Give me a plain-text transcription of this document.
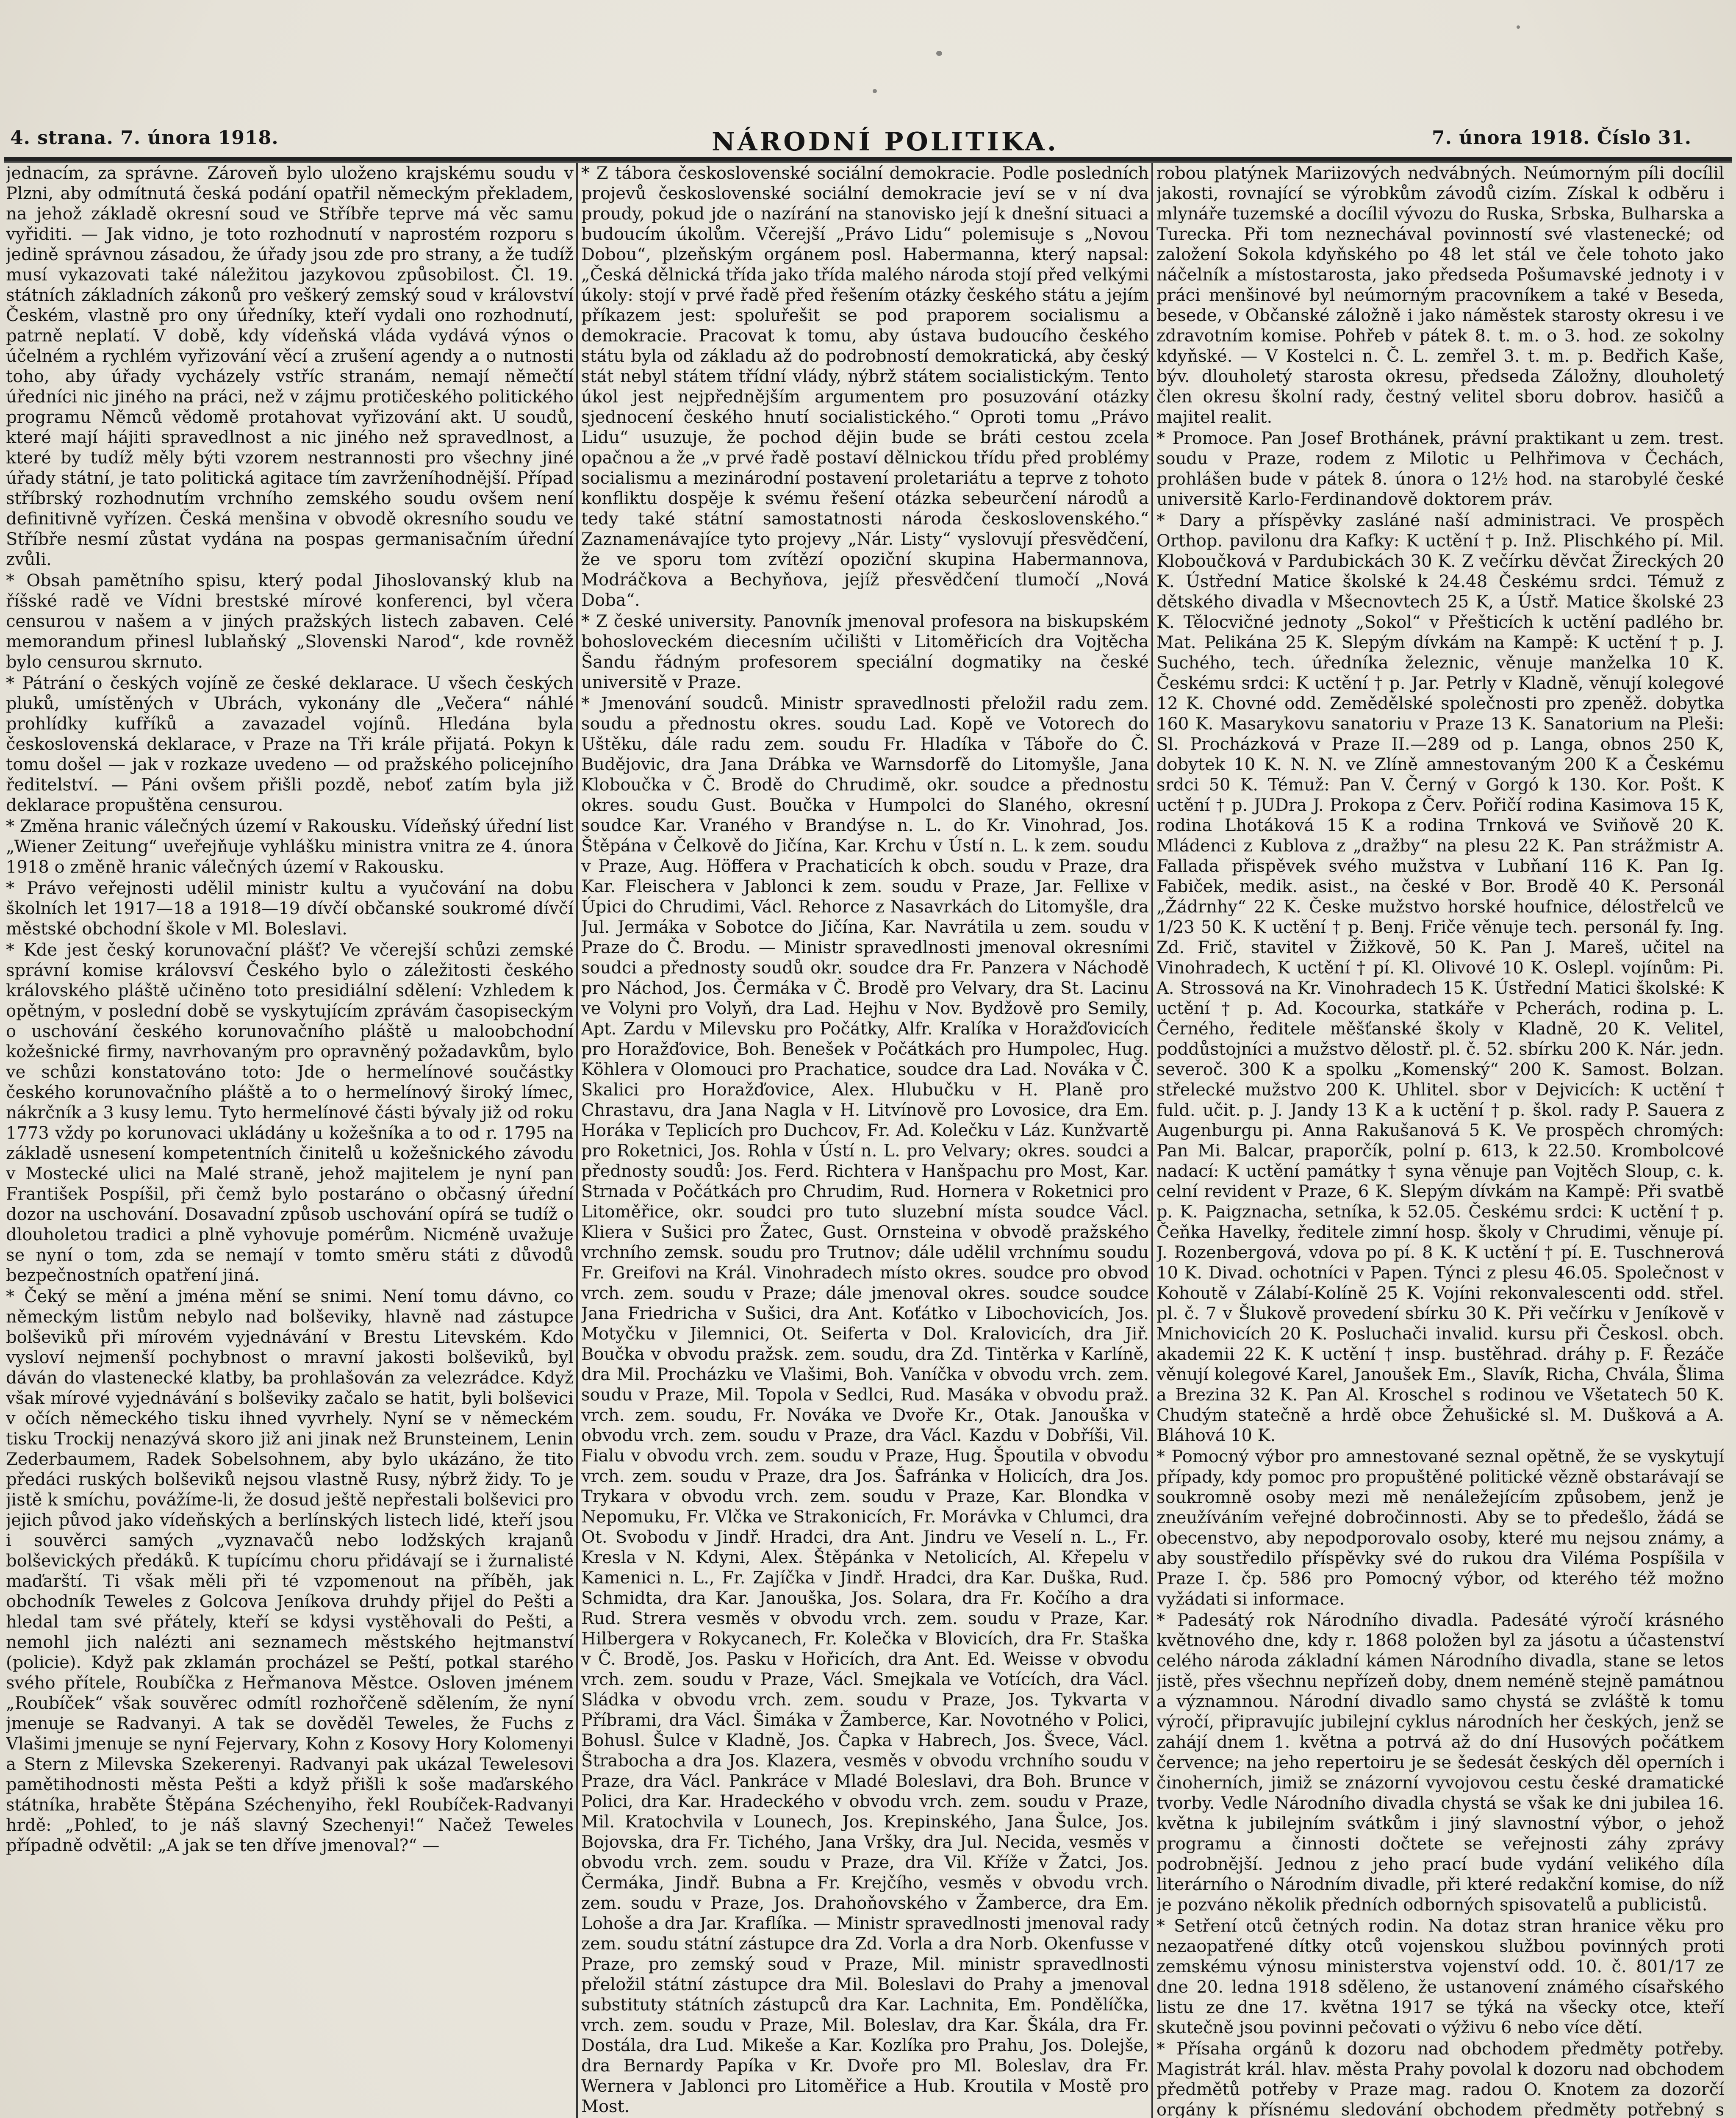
4. strana. 7. února 1918.	NÁRODNÍ POLITIKA.	7. února 1918. Číslo 31.

jednacím, za správne. Zároveň bylo uloženo krajskému soudu v Plzni, aby odmítnutá česká podání opatřil německým překladem, na jehož základě okresní soud ve Stříbře teprve má věc samu vyřiditi. — Jak vidno, je toto rozhodnutí v naprostém rozporu s jedině správnou zásadou, že úřady jsou zde pro strany, a že tudíž musí vykazovati také náležitou jazykovou způsobilost. Čl. 19. státních základních zákonů pro veškerý zemský soud v království Českém, vlastně pro ony úředníky, kteří vydali ono rozhodnutí, patrně neplatí. V době, kdy vídeňská vláda vydává výnos o účelném a rychlém vyřizování věcí a zrušení agendy a o nutnosti toho, aby úřady vycházely vstříc stranám, nemají němečtí úředníci nic jiného na práci, než v zájmu protičeského politického programu Němců vědomě protahovat vyřizování akt. U soudů, které mají hájiti spravedlnost a nic jiného než spravedlnost, a které by tudíž měly býti vzorem nestrannosti pro všechny jiné úřady státní, je tato politická agitace tím zavrženíhodnější. Případ stříbrský rozhodnutím vrchního zemského soudu ovšem není definitivně vyřízen. Česká menšina v obvodě okresního soudu ve Stříbře nesmí zůstat vydána na pospas germanisačním úřední zvůli.

* Obsah pamětního spisu, který podal Jihoslovanský klub na říšské radě ve Vídni brestské mírové konferenci, byl včera censurou v našem a v jiných pražských listech zabaven. Celé memorandum přinesl lublaňský „Slovenski Narod“, kde rovněž bylo censurou skrnuto.

* Pátrání o českých vojíně ze české deklarace. U všech českých pluků, umístěných v Ubrách, vykonány dle „Večera“ náhlé prohlídky kufříků a zavazadel vojínů. Hledána byla československá deklarace, v Praze na Tři krále přijatá. Pokyn k tomu došel — jak v rozkaze uvedeno — od pražského policejního ředitelství. — Páni ovšem přišli pozdě, neboť zatím byla již deklarace propuštěna censurou.

* Změna hranic válečných území v Rakousku. Vídeňský úřední list „Wiener Zeitung“ uveřejňuje vyhlášku ministra vnitra ze 4. února 1918 o změně hranic válečných území v Rakousku.

* Právo veřejnosti udělil ministr kultu a vyučování na dobu školních let 1917—18 a 1918—19 dívčí občanské soukromé dívčí městské obchodní škole v Ml. Boleslavi.

* Kde jest český korunovační plášť? Ve včerejší schůzi zemské správní komise královsví Českého bylo o záležitosti českého královského pláště učiněno toto presidiální sdělení: Vzhledem k opětným, v poslední době se vyskytujícím zprávám časopiseckým o uschování českého korunovačního pláště u maloobchodní kožešnické firmy, navrhovaným pro opravněný požadavkům, bylo ve schůzi konstatováno toto: Jde o hermelínové součástky českého korunovačního pláště a to o hermelínový široký límec, nákrčník a 3 kusy lemu. Tyto hermelínové části bývaly již od roku 1773 vždy po korunovaci ukládány u kožešníka a to od r. 1795 na základě usnesení kompetentních činitelů u kožešnického závodu v Mostecké ulici na Malé straně, jehož majitelem je nyní pan František Pospíšil, při čemž bylo postaráno o občasný úřední dozor na uschování. Dosavadní způsob uschování opírá se tudíž o dlouholetou tradici a plně vyhovuje pomérům. Nicméně uvažuje se nyní o tom, zda se nemají v tomto směru státi z důvodů bezpečnostních opatření jiná.

* Čeký se mění a jména mění se snimi. Není tomu dávno, co německým listům nebylo nad bolševiky, hlavně nad zástupce bolševiků při mírovém vyjednávání v Brestu Litevském. Kdo vysloví nejmenší pochybnost o mravní jakosti bolševiků, byl dáván do vlastenecké klatby, ba prohlašován za velezrádce. Když však mírové vyjednávání s bolševiky začalo se hatit, byli bolševici v očích německého tisku ihned vyvrhely. Nyní se v německém tisku Trockij nenazývá skoro již ani jinak než Brunsteinem, Lenin Zederbaumem, Radek Sobelsohnem, aby bylo ukázáno, že tito předáci ruských bolševiků nejsou vlastně Rusy, nýbrž židy. To je jistě k smíchu, povážíme-li, že dosud ještě nepřestali bolševici pro jejich původ jako vídeňských a berlínských listech lidé, kteří jsou i souvěrci samých „vyznavačů nebo lodžských krajanů bolševických předáků. K tupícímu choru přidávají se i žurnalisté maďarští. Ti však měli při té vzpomenout na příběh, jak obchodník Teweles z Golcova Jeníkova druhdy přijel do Pešti a hledal tam své přátely, kteří se kdysi vystěhovali do Pešti, a nemohl jich nalézti ani seznamech městského hejtmanství (policie). Když pak zklamán procházel se Peští, potkal starého svého přítele, Roubíčka z Heřmanova Městce. Osloven jménem „Roubíček“ však souvěrec odmítl rozhořčeně sdělením, že nyní jmenuje se Radvanyi. A tak se dověděl Teweles, že Fuchs z Vlašimi jmenuje se nyní Fejervary, Kohn z Kosovy Hory Kolomenyi a Stern z Milevska Szekerenyi. Radvanyi pak ukázal Tewelesovi pamětihodnosti města Pešti a když přišli k soše maďarského státníka, hraběte Štěpána Széchenyiho, řekl Roubíček-Radvanyi hrdě: „Pohleď, to je náš slavný Szechenyi!“ Načež Teweles případně odvětil: „A jak se ten dříve jmenoval?“ —

* Z tábora československé sociální demokracie. Podle posledních projevů československé sociální demokracie jeví se v ní dva proudy, pokud jde o nazírání na stanovisko její k dnešní situaci a budoucím úkolům. Včerejší „Právo Lidu“ polemisuje s „Novou Dobou“, plzeňským orgánem posl. Habermanna, který napsal: „Česká dělnická třída jako třída malého národa stojí před velkými úkoly: stojí v prvé řadě před řešením otázky českého státu a jejím příkazem jest: spoluřešit se pod praporem socialismu a demokracie. Pracovat k tomu, aby ústava budoucího českého státu byla od základu až do podrobností demokratická, aby český stát nebyl státem třídní vlády, nýbrž státem socialistickým. Tento úkol jest nejpřednějším argumentem pro posuzování otázky sjednocení českého hnutí socialistického.“ Oproti tomu „Právo Lidu“ usuzuje, že pochod dějin bude se bráti cestou zcela opačnou a že „v prvé řadě postaví dělnickou třídu před problémy socialismu a mezinárodní postavení proletariátu a teprve z tohoto konfliktu dospěje k svému řešení otázka sebeurčení národů a tedy také státní samostatnosti národa československého.“ Zaznamenávajíce tyto projevy „Nár. Listy“ vyslovují přesvědčení, že ve sporu tom zvítězí opoziční skupina Habermannova, Modráčkova a Bechyňova, jejíž přesvědčení tlumočí „Nová Doba“.

* Z české university. Panovník jmenoval profesora na biskupském bohosloveckém diecesním učilišti v Litoměřicích dra Vojtěcha Šandu řádným profesorem speciální dogmatiky na české universitě v Praze.

* Jmenování soudců. Ministr spravedlnosti přeložil radu zem. soudu a přednostu okres. soudu Lad. Kopě ve Votorech do Uštěku, dále radu zem. soudu Fr. Hladíka v Táboře do Č. Budějovic, dra Jana Drábka ve Warnsdorfě do Litomyšle, Jana Kloboučka v Č. Brodě do Chrudimě, okr. soudce a přednostu okres. soudu Gust. Boučka v Humpolci do Slaného, okresní soudce Kar. Vraného v Brandýse n. L. do Kr. Vinohrad, Jos. Štěpána v Čelkově do Jičína, Kar. Krchu v Ústí n. L. k zem. soudu v Praze, Aug. Höffera v Prachaticích k obch. soudu v Praze, dra Kar. Fleischera v Jablonci k zem. soudu v Praze, Jar. Fellixe v Úpici do Chrudimi, Václ. Rehorce z Nasavrkách do Litomyšle, dra Jul. Jermáka v Sobotce do Jičína, Kar. Navrátila u zem. soudu v Praze do Č. Brodu. — Ministr spravedlnosti jmenoval okresními soudci a přednosty soudů okr. soudce dra Fr. Panzera v Náchodě pro Náchod, Jos. Čermáka v Č. Brodě pro Velvary, dra St. Lacinu ve Volyni pro Volyň, dra Lad. Hejhu v Nov. Bydžově pro Semily, Apt. Zardu v Milevsku pro Počátky, Alfr. Kralíka v Horažďovicích pro Horažďovice, Boh. Benešek v Počátkách pro Humpolec, Hug. Köhlera v Olomouci pro Prachatice, soudce dra Lad. Nováka v Č. Skalici pro Horažďovice, Alex. Hlubučku v H. Planě pro Chrastavu, dra Jana Nagla v H. Litvínově pro Lovosice, dra Em. Horáka v Teplicích pro Duchcov, Fr. Ad. Kolečku v Láz. Kunžvartě pro Roketnici, Jos. Rohla v Ústí n. L. pro Velvary; okres. soudci a přednosty soudů: Jos. Ferd. Richtera v Hanšpachu pro Most, Kar. Strnada v Počátkách pro Chrudim, Rud. Hornera v Roketnici pro Litoměřice, okr. soudci pro tuto sluzební místa soudce Václ. Kliera v Sušici pro Žatec, Gust. Ornsteina v obvodě pražského vrchního zemsk. soudu pro Trutnov; dále udělil vrchnímu soudu Fr. Greifovi na Král. Vinohradech místo okres. soudce pro obvod vrch. zem. soudu v Praze; dále jmenoval okres. soudce soudce Jana Friedricha v Sušici, dra Ant. Koťátko v Libochovicích, Jos. Motyčku v Jilemnici, Ot. Seiferta v Dol. Kralovicích, dra Jiř. Boučka v obvodu pražsk. zem. soudu, dra Zd. Tintěrka v Karlíně, dra Mil. Procházku ve Vlašimi, Boh. Vaníčka v obvodu vrch. zem. soudu v Praze, Mil. Topola v Sedlci, Rud. Masáka v obvodu praž. vrch. zem. soudu, Fr. Nováka ve Dvoře Kr., Otak. Janouška v obvodu vrch. zem. soudu v Praze, dra Václ. Kazdu v Dobříši, Vil. Fialu v obvodu vrch. zem. soudu v Praze, Hug. Špoutila v obvodu vrch. zem. soudu v Praze, dra Jos. Šafránka v Holicích, dra Jos. Trykara v obvodu vrch. zem. soudu v Praze, Kar. Blondka v Nepomuku, Fr. Vlčka ve Strakonicích, Fr. Morávka v Chlumci, dra Ot. Svobodu v Jindř. Hradci, dra Ant. Jindru ve Veselí n. L., Fr. Kresla v N. Kdyni, Alex. Štěpánka v Netolicích, Al. Křepelu v Kamenici n. L., Fr. Zajíčka v Jindř. Hradci, dra Kar. Duška, Rud. Schmidta, dra Kar. Janouška, Jos. Solara, dra Fr. Kočího a dra Rud. Strera vesměs v obvodu vrch. zem. soudu v Praze, Kar. Hilbergera v Rokycanech, Fr. Kolečka v Blovicích, dra Fr. Staška v Č. Brodě, Jos. Pasku v Hořicích, dra Ant. Ed. Weisse v obvodu vrch. zem. soudu v Praze, Václ. Smejkala ve Votících, dra Václ. Sládka v obvodu vrch. zem. soudu v Praze, Jos. Tykvarta v Příbrami, dra Václ. Šimáka v Žamberce, Kar. Novotného v Polici, Bohusl. Šulce v Kladně, Jos. Čapka v Habrech, Jos. Švece, Václ. Štrabocha a dra Jos. Klazera, vesměs v obvodu vrchního soudu v Praze, dra Václ. Pankráce v Mladé Boleslavi, dra Boh. Brunce v Polici, dra Kar. Hradeckého v obvodu vrch. zem. soudu v Praze, Mil. Kratochvila v Lounech, Jos. Krepinského, Jana Šulce, Jos. Bojovska, dra Fr. Tichého, Jana Vršky, dra Jul. Necida, vesměs v obvodu vrch. zem. soudu v Praze, dra Vil. Kříže v Žatci, Jos. Čermáka, Jindř. Bubna a Fr. Krejčího, vesměs v obvodu vrch. zem. soudu v Praze, Jos. Drahoňovského v Žamberce, dra Em. Lohoše a dra Jar. Kraflíka. — Ministr spravedlnosti jmenoval rady zem. soudu státní zástupce dra Zd. Vorla a dra Norb. Okenfusse v Praze, pro zemský soud v Praze, Mil. ministr spravedlnosti přeložil státní zástupce dra Mil. Boleslavi do Prahy a jmenoval substituty státních zástupců dra Kar. Lachnita, Em. Pondělíčka, vrch. zem. soudu v Praze, Mil. Boleslav, dra Kar. Škála, dra Fr. Dostála, dra Lud. Mikeše a Kar. Kozlíka pro Prahu, Jos. Dolejše, dra Bernardy Papíka v Kr. Dvoře pro Ml. Boleslav, dra Fr. Wernera v Jablonci pro Litoměřice a Hub. Kroutila v Mostě pro Most.

robou platýnek Mariizových nedvábných. Neúmorným píli docílil jakosti, rovnající se výrobkům závodů cizím. Získal k odběru i mlynáře tuzemské a docílil vývozu do Ruska, Srbska, Bulharska a Turecka. Při tom neznechával povinností své vlastenecké; od založení Sokola kdyňského po 48 let stál ve čele tohoto jako náčelník a místostarosta, jako předseda Pošumavské jednoty i v práci menšinové byl neúmorným pracovníkem a také v Beseda, besede, v Občanské záložně i jako náměstek starosty okresu i ve zdravotním komise. Pohřeb v pátek 8. t. m. o 3. hod. ze sokolny kdyňské. — V Kostelci n. Č. L. zemřel 3. t. m. p. Bedřich Kaše, býv. dlouholetý starosta okresu, předseda Záložny, dlouholetý člen okresu školní rady, čestný velitel sboru dobrov. hasičů a majitel realit.

* Promoce. Pan Josef Brothánek, právní praktikant u zem. trest. soudu v Praze, rodem z Milotic u Pelhřimova v Čechách, prohlášen bude v pátek 8. února o 12½ hod. na starobylé české universitě Karlo-Ferdinandově doktorem práv.

* Dary a příspěvky zasláné naší administraci. Ve prospěch Orthop. pavilonu dra Kafky: K uctění † p. Inž. Plischkého pí. Mil. Kloboučková v Pardubickách 30 K. Z večírku děvčat Žireckých 20 K. Ústřední Matice školské k 24.48 Českému srdci. Témuž z dětského divadla v Mšecnovtech 25 K, a Ústř. Matice školské 23 K. Tělocvičné jednoty „Sokol“ v Přešticích k uctění padlého br. Mat. Pelikána 25 K. Slepým dívkám na Kampě: K uctění † p. J. Suchého, tech. úředníka železnic, věnuje manželka 10 K. Českému srdci: K uctění † p. Jar. Petrly v Kladně, věnují kolegové 12 K. Chovné odd. Zemědělské společnosti pro zpeněž. dobytka 160 K. Masarykovu sanatoriu v Praze 13 K. Sanatorium na Pleši: Sl. Procházková v Praze II.—289 od p. Langa, obnos 250 K, dobytek 10 K. N. N. ve Zlíně amnestovaným 200 K a Českému srdci 50 K. Témuž: Pan V. Černý v Gorgó k 130. Kor. Pošt. K uctění † p. JUDra J. Prokopa z Červ. Pořičí rodina Kasimova 15 K, rodina Lhotáková 15 K a rodina Trnková ve Sviňově 20 K. Mládenci z Kublova z „dražby“ na plesu 22 K. Pan strážmistr A. Fallada přispěvek svého mužstva v Lubňaní 116 K. Pan Ig. Fabiček, medik. asist., na české v Bor. Brodě 40 K. Personál „Žádrnhy“ 22 K. Česke mužstvo horské houfnice, délostřelců ve 1/23 50 K. K uctění † p. Benj. Friče věnuje tech. personál fy. Ing. Zd. Frič, stavitel v Žižkově, 50 K. Pan J. Mareš, učitel na Vinohradech, K uctění † pí. Kl. Olivové 10 K. Oslepl. vojínům: Pi. A. Strossová na Kr. Vinohradech 15 K. Ústřední Matici školské: K uctění † p. Ad. Kocourka, statkáře v Pcherách, rodina p. L. Černého, ředitele měšťanské školy v Kladně, 20 K. Velitel, poddůstojníci a mužstvo dělostř. pl. č. 52. sbírku 200 K. Nár. jedn. severoč. 300 K a spolku „Komenský“ 200 K. Samost. Bolzan. střelecké mužstvo 200 K. Uhlitel. sbor v Dejvicích: K uctění † fuld. učit. p. J. Jandy 13 K a k uctění † p. škol. rady P. Sauera z Augenburgu pi. Anna Rakušanová 5 K. Ve prospěch chromých: Pan Mi. Balcar, praporčík, polní p. 613, k 22.50. Krombolcové nadací: K uctění památky † syna věnuje pan Vojtěch Sloup, c. k. celní revident v Praze, 6 K. Slepým dívkám na Kampě: Při svatbě p. K. Paigznacha, setníka, k 52.05. Českému srdci: K uctění † p. Čeňka Havelky, ředitele zimní hosp. školy v Chrudimi, věnuje pí. J. Rozenbergová, vdova po pí. 8 K. K uctění † pí. E. Tuschnerová 10 K. Divad. ochotníci v Papen. Týnci z plesu 46.05. Společnost v Kohoutě v Zálabí-Kolíně 25 K. Vojíni rekonvalescenti odd. střel. pl. č. 7 v Šlukově provedení sbírku 30 K. Při večírku v Jeníkově v Mnichovicích 20 K. Posluchači invalid. kursu při Českosl. obch. akademii 22 K. K uctění † insp. bustěhrad. dráhy p. F. Řezáče věnují kolegové Karel, Janoušek Em., Slavík, Richa, Chvála, Šlima a Brezina 32 K. Pan Al. Kroschel s rodinou ve Všetatech 50 K. Chudým statečně a hrdě obce Žehušické sl. M. Dušková a A. Bláhová 10 K.

* Pomocný výbor pro amnestované seznal opětně, že se vyskytují případy, kdy pomoc pro propuštěné politické vězně obstarávají se soukromně osoby mezi mě nenáležejícím způsobem, jenž je zneužíváním veřejné dobročinnosti. Aby se to předešlo, žádá se obecenstvo, aby nepodporovalo osoby, které mu nejsou známy, a aby soustředilo příspěvky své do rukou dra Viléma Pospíšila v Praze I. čp. 586 pro Pomocný výbor, od kterého též možno vyžádati si informace.

* Padesátý rok Národního divadla. Padesáté výročí krásného květnového dne, kdy r. 1868 položen byl za jásotu a účastenství celého národa základní kámen Národního divadla, stane se letos jistě, přes všechnu nepřízeň doby, dnem neméně stejně památnou a významnou. Národní divadlo samo chystá se zvláště k tomu výročí, připravujíc jubilejní cyklus národních her českých, jenž se zahájí dnem 1. května a potrvá až do dní Husových počátkem července; na jeho repertoiru je se šedesát českých děl operních i činoherních, jimiž se znázorní vyvojovou cestu české dramatické tvorby. Vedle Národního divadla chystá se však ke dni jubilea 16. května k jubilejním svátkům i jiný slavnostní výbor, o jehož programu a činnosti dočtete se veřejnosti záhy zprávy podrobnější. Jednou z jeho prací bude vydání velikého díla literárního o Národním divadle, při které redakční komise, do níž je pozváno několik předních odborných spisovatelů a publicistů.

* Setření otců četných rodin. Na dotaz stran hranice věku pro nezaopatřené dítky otců vojenskou službou povinných proti zemskému výnosu ministerstva vojenství odd. 10. č. 801/17 ze dne 20. ledna 1918 sděleno, že ustanovení známého císařského listu ze dne 17. května 1917 se týká na všecky otce, kteří skutečně jsou povinni pečovati o výživu 6 nebo více dětí.

* Přísaha orgánů k dozoru nad obchodem předměty potřeby. Magistrát král. hlav. města Prahy povolal k dozoru nad obchodem předmětů potřeby v Praze mag. radou O. Knotem za dozorčí orgány k přísnému sledování obchodem předměty potřebný s
